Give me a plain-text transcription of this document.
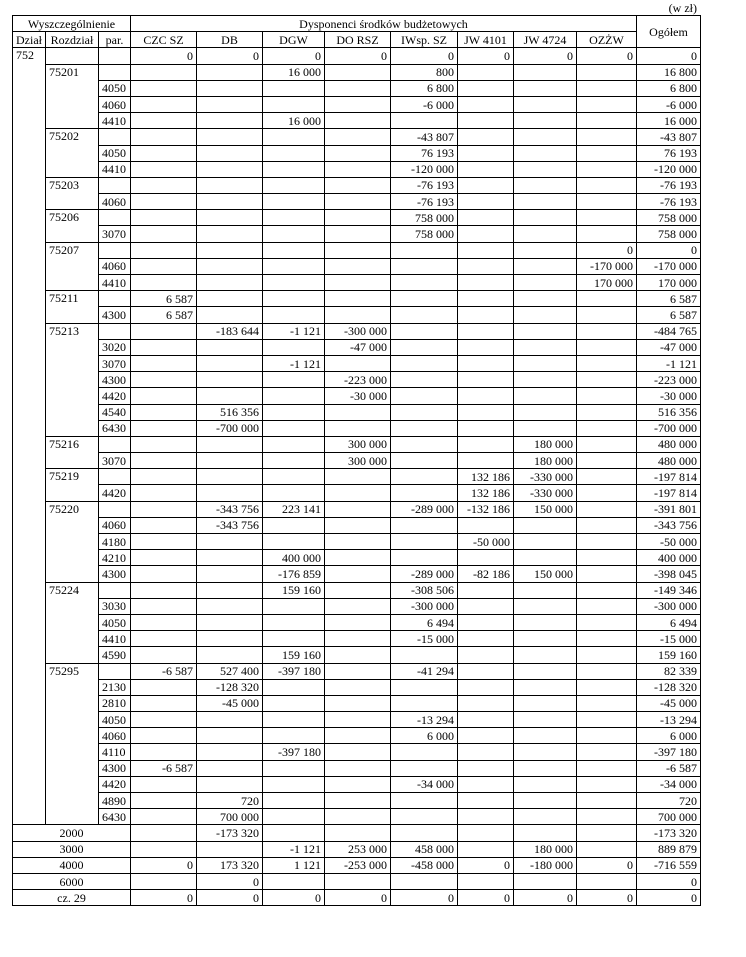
(w zł)
Wyszczególnienie			Dysponenci środków budżetowych								Ogółem
Dział	Rozdział	par.	CZC SZ	DB	DGW	DO RSZ	IWsp. SZ	JW 4101	JW 4724	OZŻW	
752			0	0	0	0	0	0	0	0	0
	75201				16 000		800				16 800
		4050					6 800				6 800
		4060					-6 000				-6 000
		4410			16 000						16 000
	75202						-43 807				-43 807
		4050					76 193				76 193
		4410					-120 000				-120 000
	75203						-76 193				-76 193
		4060					-76 193				-76 193
	75206						758 000				758 000
		3070					758 000				758 000
	75207									0	0
		4060								-170 000	-170 000
		4410								170 000	170 000
	75211		6 587								6 587
		4300	6 587								6 587
	75213			-183 644	-1 121	-300 000					-484 765
		3020				-47 000					-47 000
		3070			-1 121						-1 121
		4300				-223 000					-223 000
		4420				-30 000					-30 000
		4540		516 356							516 356
		6430		-700 000							-700 000
	75216					300 000			180 000		480 000
		3070				300 000			180 000		480 000
	75219							132 186	-330 000		-197 814
		4420						132 186	-330 000		-197 814
	75220			-343 756	223 141		-289 000	-132 186	150 000		-391 801
		4060		-343 756							-343 756
		4180						-50 000			-50 000
		4210			400 000						400 000
		4300			-176 859		-289 000	-82 186	150 000		-398 045
	75224				159 160		-308 506				-149 346
		3030					-300 000				-300 000
		4050					6 494				6 494
		4410					-15 000				-15 000
		4590			159 160						159 160
	75295		-6 587	527 400	-397 180		-41 294				82 339
		2130		-128 320							-128 320
		2810		-45 000							-45 000
		4050					-13 294				-13 294
		4060					6 000				6 000
		4110			-397 180						-397 180
		4300	-6 587								-6 587
		4420					-34 000				-34 000
		4890		720							720
		6430		700 000							700 000
2000				-173 320							-173 320
3000					-1 121	253 000	458 000		180 000		889 879
4000			0	173 320	1 121	-253 000	-458 000	0	-180 000	0	-716 559
6000				0							0
cz. 29			0	0	0	0	0	0	0	0	0
